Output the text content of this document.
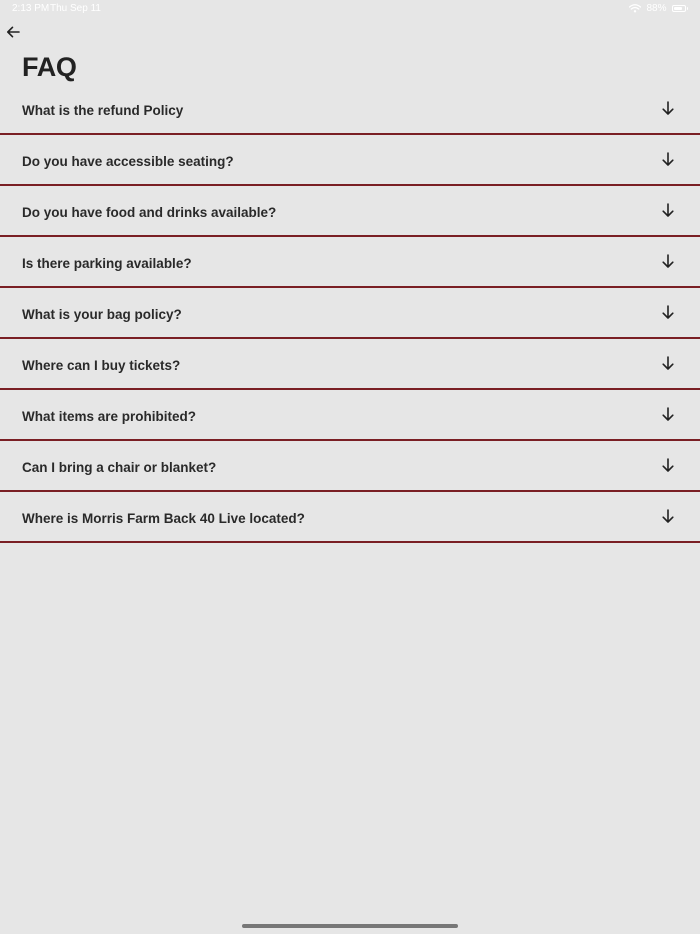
2:13 PM Thu Sep 11	88%
FAQ
What is the refund Policy
Do you have accessible seating?
Do you have food and drinks available?
Is there parking available?
What is your bag policy?
Where can I buy tickets?
What items are prohibited?
Can I bring a chair or blanket?
Where is Morris Farm Back 40 Live located?
